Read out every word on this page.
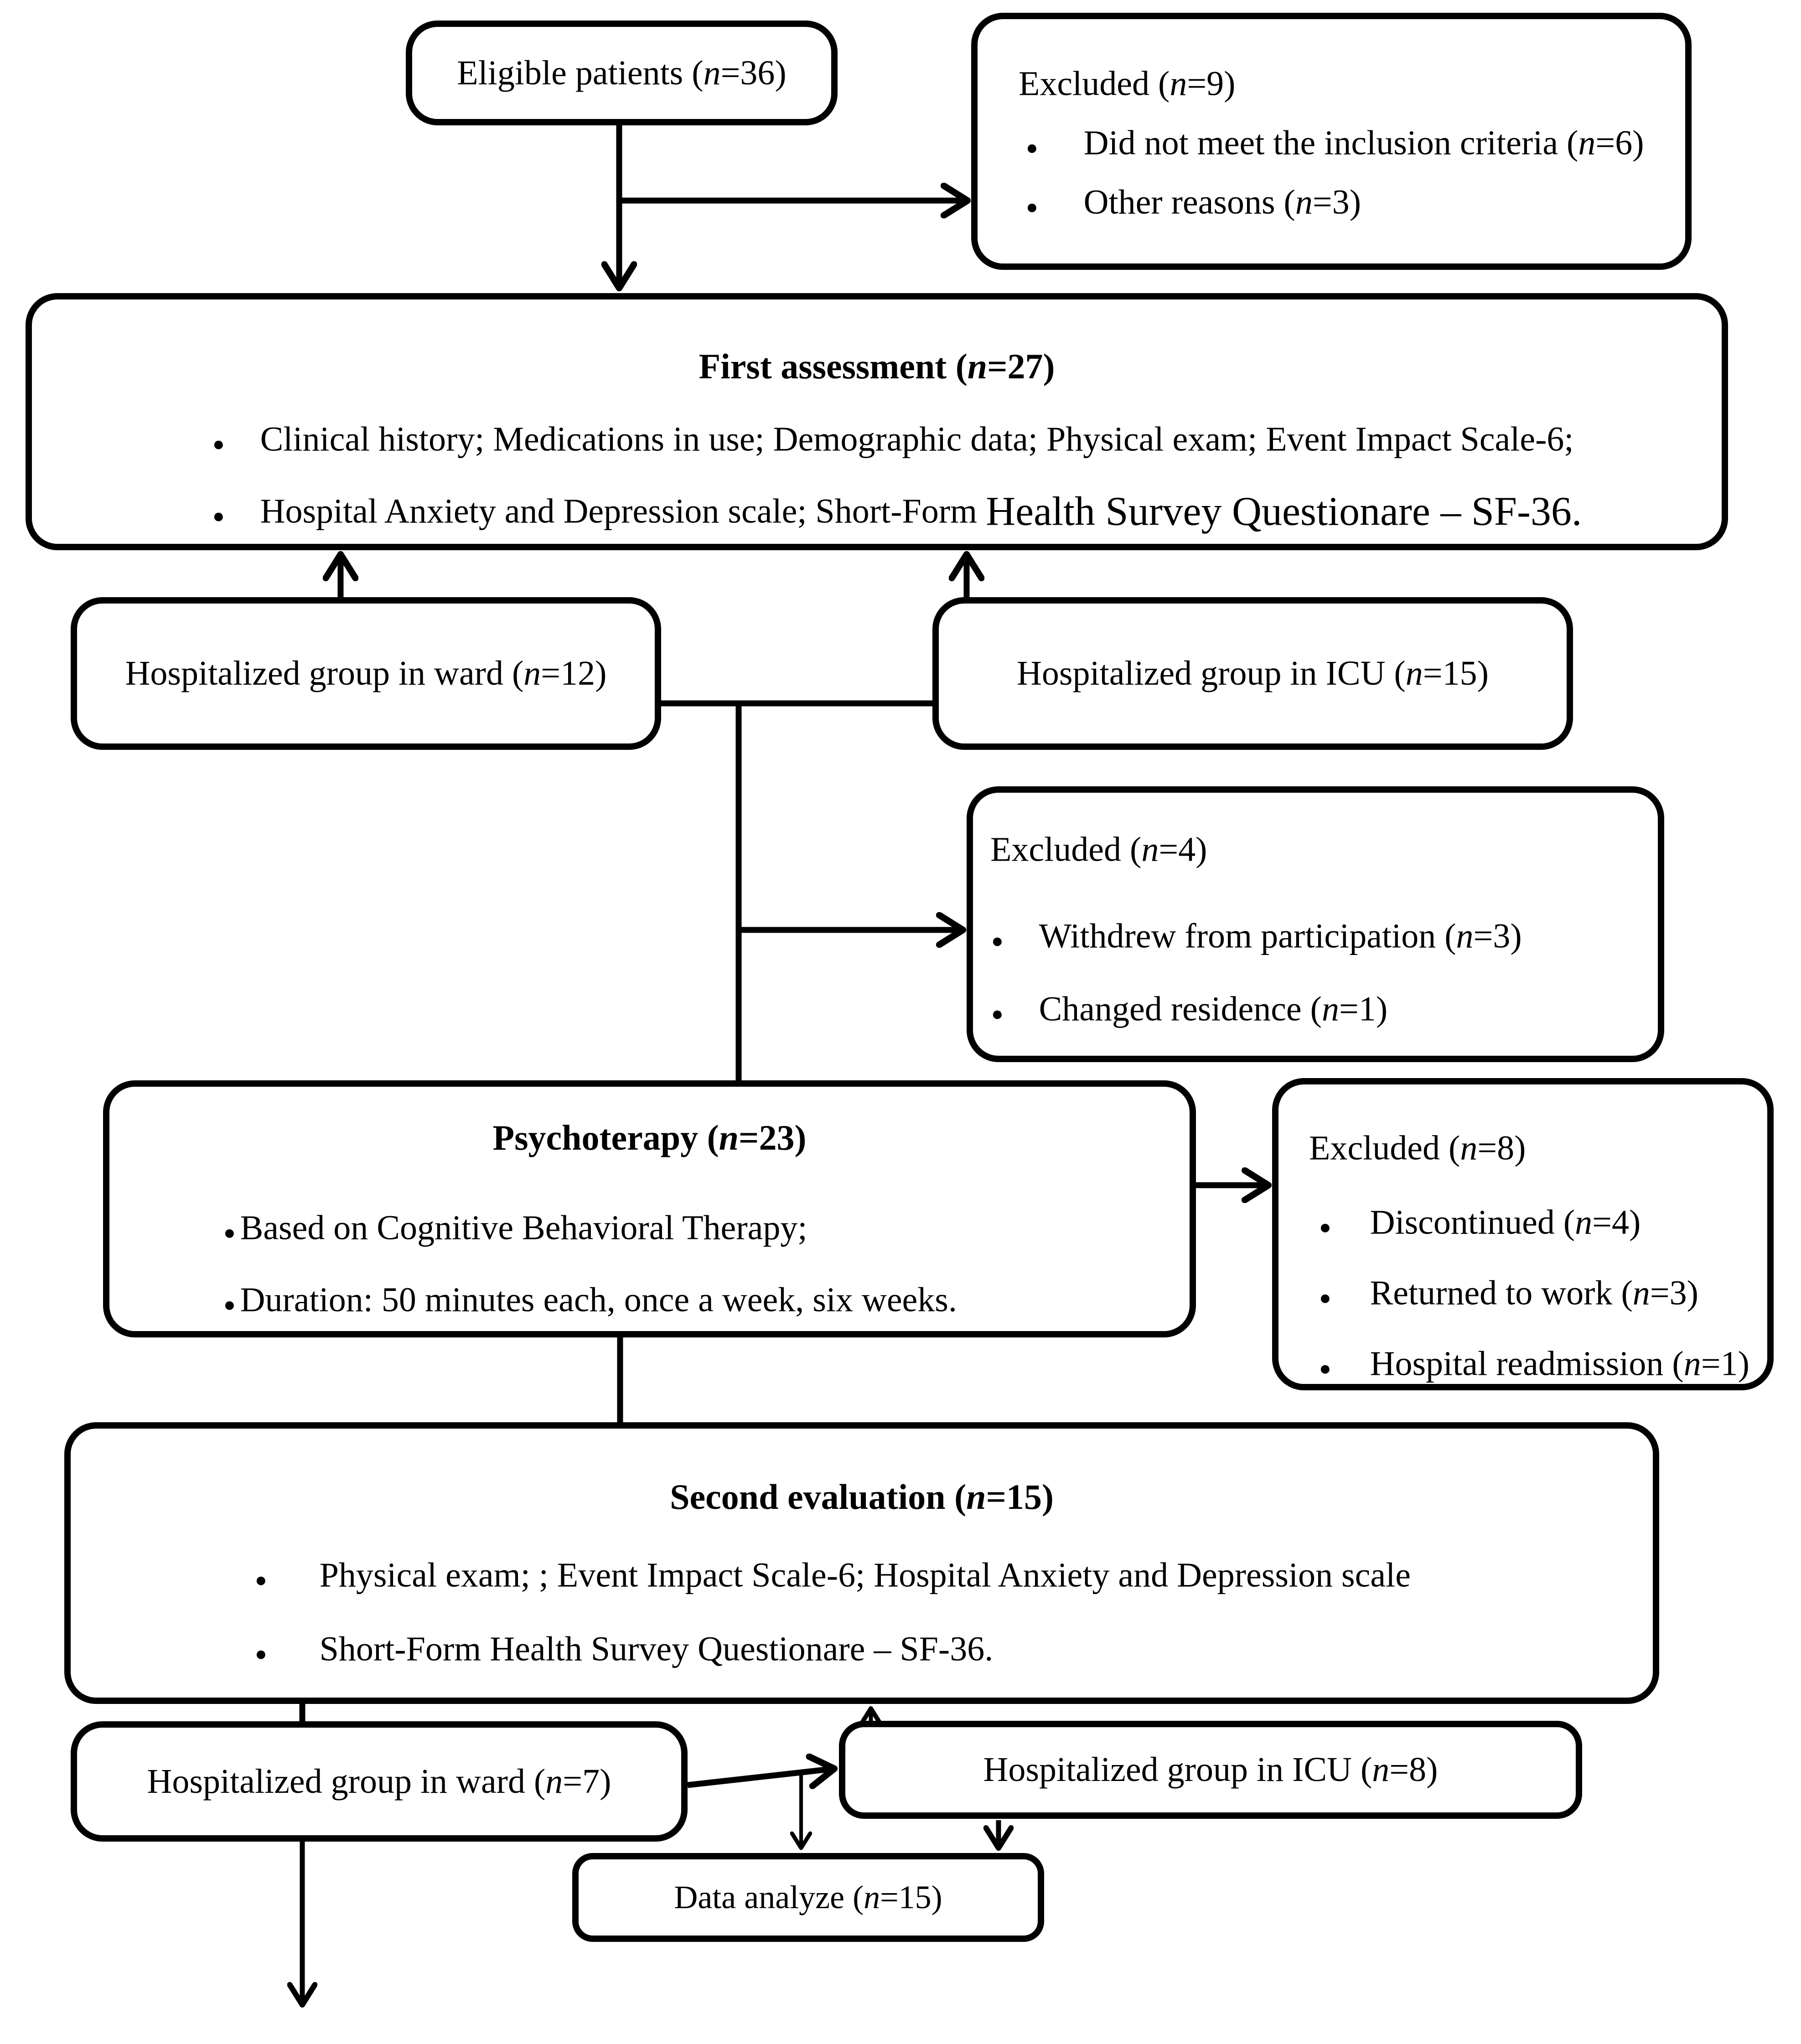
Eligible patients (n=36)	Excluded (n=9)
●
Did not meet the inclusion criteria (n=6)
●
Other reasons (n=3)
First assessment (n=27)
●
Clinical history; Medications in use; Demographic data; Physical exam; Event Impact Scale-6;
●
Hospital Anxiety and Depression scale; Short-Form
Health Survey Questionare – SF-36.
Hospitalized group in ward (n=12)	Hospitalized group in ICU (n=15)
Excluded (n=4)
●
Withdrew from participation (n=3)
●
Changed residence (n=1)
Psychoterapy (n=23)
●
Based on Cognitive Behavioral Therapy;
●
Duration: 50 minutes each, once a week, six weeks.
Excluded (n=8)
●
Discontinued (n=4)
●
Returned to work (n=3)
●
Hospital readmission (n=1)
Second evaluation (n=15)
●
Physical exam; ; Event Impact Scale-6; Hospital Anxiety and Depression scale
●
Short-Form Health Survey Questionare – SF-36.
Hospitalized group in ward (n=7)	Hospitalized group in ICU (n=8)
Data analyze (n=15)
